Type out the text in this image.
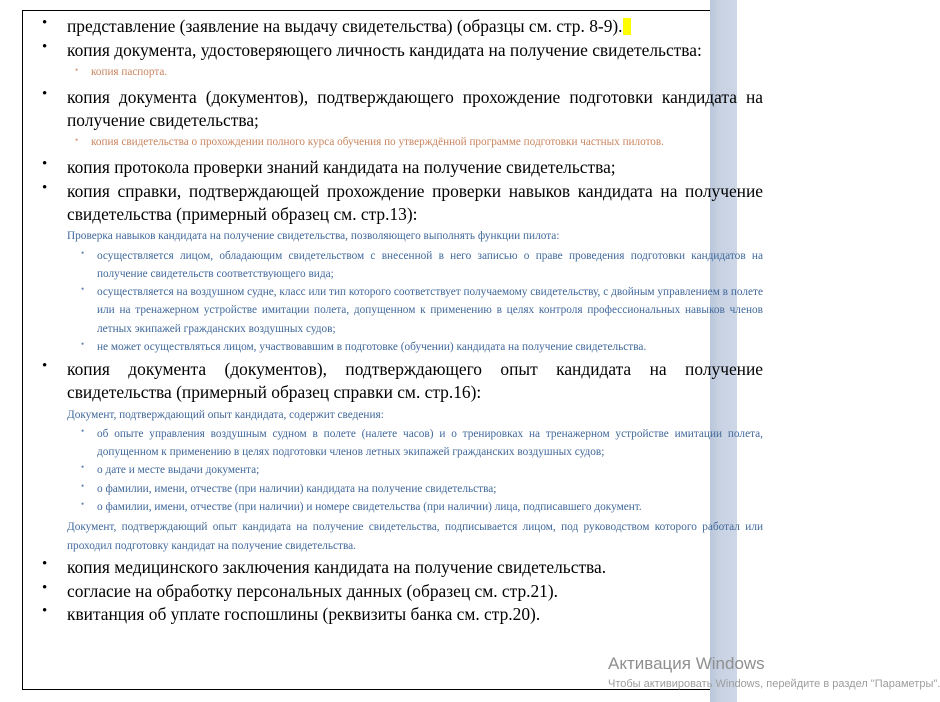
• представление (заявление на выдачу свидетельства) (образцы см. стр. 8-9).
• копия документа, удостоверяющего личность кандидата на получение свидетельства:
• копия паспорта.
• копия документа (документов), подтверждающего прохождение подготовки кандидата на получение свидетельства;
• копия свидетельства о прохождении полного курса обучения по утверждённой программе подготовки частных пилотов.
• копия протокола проверки знаний кандидата на получение свидетельства;
• копия справки, подтверждающей прохождение проверки навыков кандидата на получение свидетельства (примерный образец см. стр.13):
Проверка навыков кандидата на получение свидетельства, позволяющего выполнять функции пилота:
• осуществляется лицом, обладающим свидетельством с внесенной в него записью о праве проведения подготовки кандидатов на получение свидетельств соответствующего вида;
• осуществляется на воздушном судне, класс или тип которого соответствует получаемому свидетельству, с двойным управлением в полете или на тренажерном устройстве имитации полета, допущенном к применению в целях контроля профессиональных навыков членов летных экипажей гражданских воздушных судов;
• не может осуществляться лицом, участвовавшим в подготовке (обучении) кандидата на получение свидетельства.
• копия документа (документов), подтверждающего опыт кандидата на получение свидетельства (примерный образец справки см. стр.16):
Документ, подтверждающий опыт кандидата, содержит сведения:
• об опыте управления воздушным судном в полете (налете часов) и о тренировках на тренажерном устройстве имитации полета, допущенном к применению в целях подготовки членов летных экипажей гражданских воздушных судов;
• о дате и месте выдачи документа;
• о фамилии, имени, отчестве (при наличии) кандидата на получение свидетельства;
• о фамилии, имени, отчестве (при наличии) и номере свидетельства (при наличии) лица, подписавшего документ.
Документ, подтверждающий опыт кандидата на получение свидетельства, подписывается лицом, под руководством которого работал или проходил подготовку кандидат на получение свидетельства.
• копия медицинского заключения кандидата на получение свидетельства.
• согласие на обработку персональных данных (образец см. стр.21).
• квитанция об уплате госпошлины (реквизиты банка см. стр.20).
Активация Windows
Чтобы активировать Windows, перейдите в раздел "Параметры".
